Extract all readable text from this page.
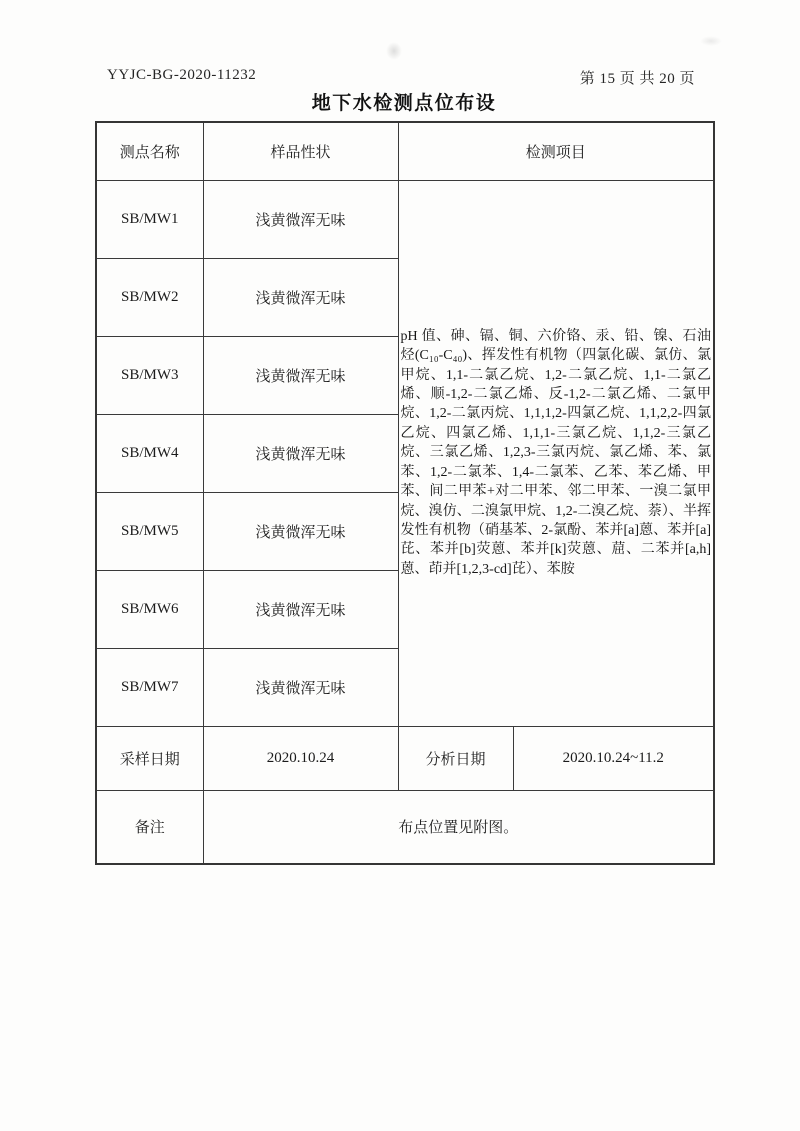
YYJC-BG-2020-11232	第 15 页 共 20 页
地下水检测点位布设
测点名称	样品性状	检测项目	
SB/MW1	浅黄微浑无味	pH 值、砷、镉、铜、六价铬、汞、铅、镍、石油烃(C₁₀-C₄₀)、挥发性有机物（四氯化碳、氯仿、氯甲烷、1,1-二氯乙烷、1,2-二氯乙烷、1,1-二氯乙烯、顺-1,2-二氯乙烯、反-1,2-二氯乙烯、二氯甲烷、1,2-二氯丙烷、1,1,1,2-四氯乙烷、1,1,2,2-四氯乙烷、四氯乙烯、1,1,1-三氯乙烷、1,1,2-三氯乙烷、三氯乙烯、1,2,3-三氯丙烷、氯乙烯、苯、氯苯、1,2-二氯苯、1,4-二氯苯、乙苯、苯乙烯、甲苯、间二甲苯+对二甲苯、邻二甲苯、一溴二氯甲烷、溴仿、二溴氯甲烷、1,2-二溴乙烷、萘）、半挥发性有机物（硝基苯、2-氯酚、苯并[a]蒽、苯并[a]芘、苯并[b]荧蒽、苯并[k]荧蒽、䓛、二苯并[a,h]蒽、茚并[1,2,3-cd]芘）、苯胺	

SB/MW2	浅黄微浑无味		
SB/MW3	浅黄微浑无味		
SB/MW4	浅黄微浑无味		
SB/MW5	浅黄微浑无味		
SB/MW6	浅黄微浑无味		
SB/MW7	浅黄微浑无味		
采样日期	2020.10.24	分析日期	2020.10.24~11.2
备注	布点位置见附图。		
